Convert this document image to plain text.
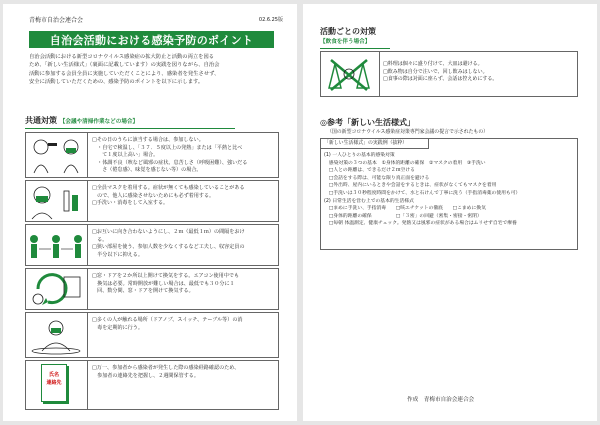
青梅市自治会連合会	02.6.25版
自治会活動における感染予防のポイント
自治会活動における新型コロナウイルス感染症の拡大防止と活動の両立を図る
ため、「新しい生活様式」（裏面に記載しています）の実践を図りながら、自治会
活動に参加する会員全員に実施していただくことにより、感染者を発生させず、
安全に活動していただくための、感染予防のポイントを以下に示します。
共通対策 【会議や清掃作業などの場合】
□その日のうちに該当する場合は、参加しない。
　・自宅で検温し、「３７．５度以上の発熱」または「平熱と比べ
　　て１度以上高い」場合。
　・体調不良（咳など風邪の症状、息苦しさ（呼吸困難）、強いだる
　　さ（倦怠感）、味覚を感じない等）の場合。
□全員マスクを着用する。症状が無くても感染していることがある
　ので、他人に感染させないためにも必ず着用する。
□手洗い・消毒をして入室する。
□お互いに向き合わないようにし、２ｍ（最低１ｍ）の間隔をおけ
　る。
□狭い部屋を使う、参加人数を少なくするなど工夫し、収容定員の
　半分以下に抑える。
□窓・ドアを２か所以上開けて換気をする。エアコン使用中でも
　換気は必要。常時開放が難しい場合は、最低でも３０分に１
　回、数分間、窓・ドアを開けて換気する。
□多くの人が触れる場所（ドアノブ、スイッチ、テーブル等）の消
　毒を定期的に行う。
氏名
連絡先
□万一、参加者から感染者が発生した際の感染経路確認のため、
　参加者の連絡先を把握し、２週間保管する。
活動ごとの対策
【飲食を伴う場合】
□料理は個々に盛り付けて、大皿は避ける。
□飲み物は自分で注いで、回し飲みはしない。
□食事の際は対面に座らず、会話は控えめにする。
◎参考「新しい生活様式」
（国の新型コロナウイルス感染症対策専門家会議の提言で示されたもの）
「新しい生活様式」の実践例（抜粋）
(1) 一人ひとりの基本的感染対策
　感染対策の３つの基本　①身体的距離の確保　②マスクの着用　③手洗い
　□人との距離は、できるだけ２ｍ空ける
　□会話をする際は、可能な限り真正面を避ける
　□外出時、屋内にいるときや会話をするときは、症状がなくてもマスクを着用
　□手洗いは３０秒程度時間をかけて、水と石けんで丁寧に洗う（手指消毒薬の使用も可）
(2) 日常生活を営む上での基本的生活様式
　□まめに手洗い、手指消毒　　□咳エチケットの徹底　　□こまめに換気
　□身体的距離の確保　　　　　□「３密」の回避（密集・密接・密閉）
　□毎朝 体温測定、健康チェック。発熱又は風邪の症状がある場合はムリせず自宅で療養
作成　青梅市自治会連合会
